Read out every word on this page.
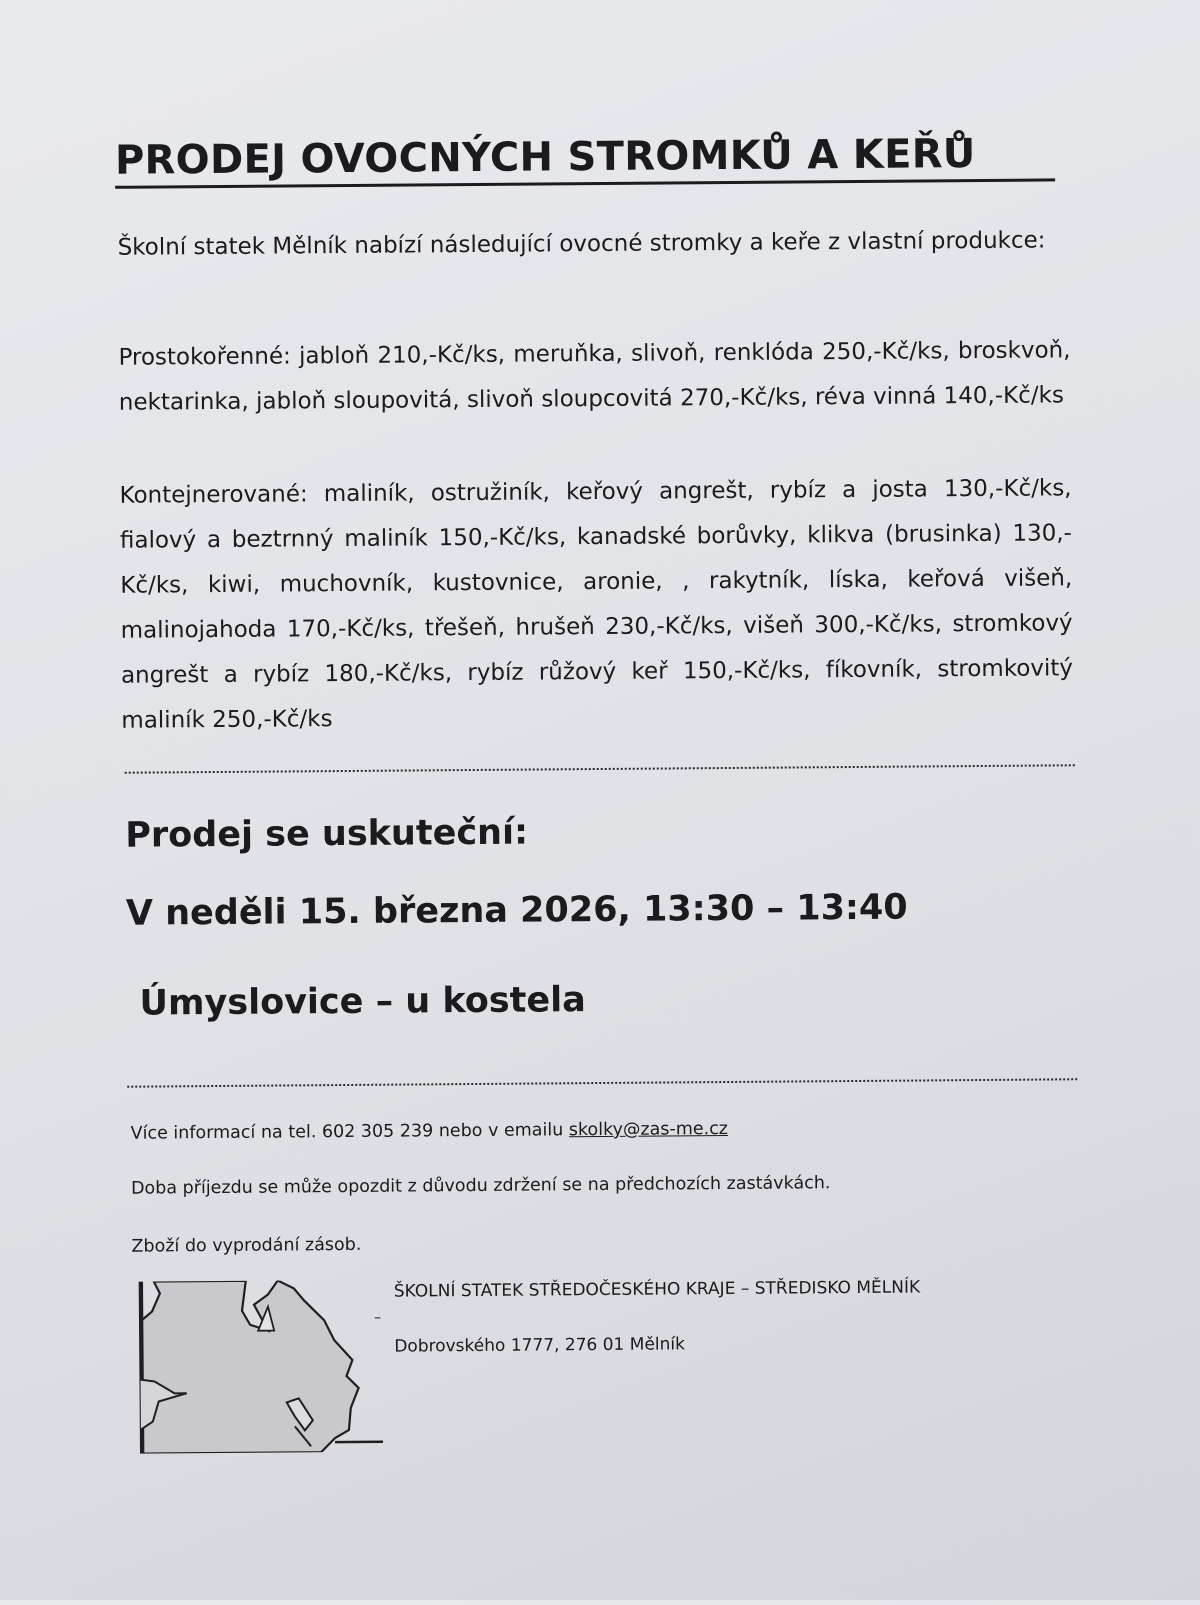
PRODEJ OVOCNÝCH STROMKŮ A KEŘŮ
Školní statek Mělník nabízí následující ovocné stromky a keře z vlastní produkce:
Prostokořenné: jabloň 210,-Kč/ks, meruňka, slivoň, renklóda 250,-Kč/ks, broskvoň, nektarinka, jabloň sloupovitá, slivoň sloupcovitá 270,-Kč/ks, réva vinná 140,-Kč/ks
Kontejnerované: maliník, ostružiník, keřový angrešt, rybíz a josta 130,-Kč/ks, fialový a beztrnný maliník 150,-Kč/ks, kanadské borůvky, klikva (brusinka) 130,-Kč/ks, kiwi, muchovník, kustovnice, aronie, , rakytník, líska, keřová višeň, malinojahoda 170,-Kč/ks, třešeň, hrušeň 230,-Kč/ks, višeň 300,-Kč/ks, stromkový angrešt a rybíz 180,-Kč/ks, rybíz růžový keř 150,-Kč/ks, fíkovník, stromkovitý maliník 250,-Kč/ks
Prodej se uskuteční:
V neděli 15. března 2026, 13:30 – 13:40
Úmyslovice – u kostela
Více informací na tel. 602 305 239 nebo v emailu skolky@zas-me.cz
Doba příjezdu se může opozdit z důvodu zdržení se na předchozích zastávkách.
Zboží do vyprodání zásob.
–
ŠKOLNÍ STATEK STŘEDOČESKÉHO KRAJE – STŘEDISKO MĚLNÍK
Dobrovského 1777, 276 01 Mělník
